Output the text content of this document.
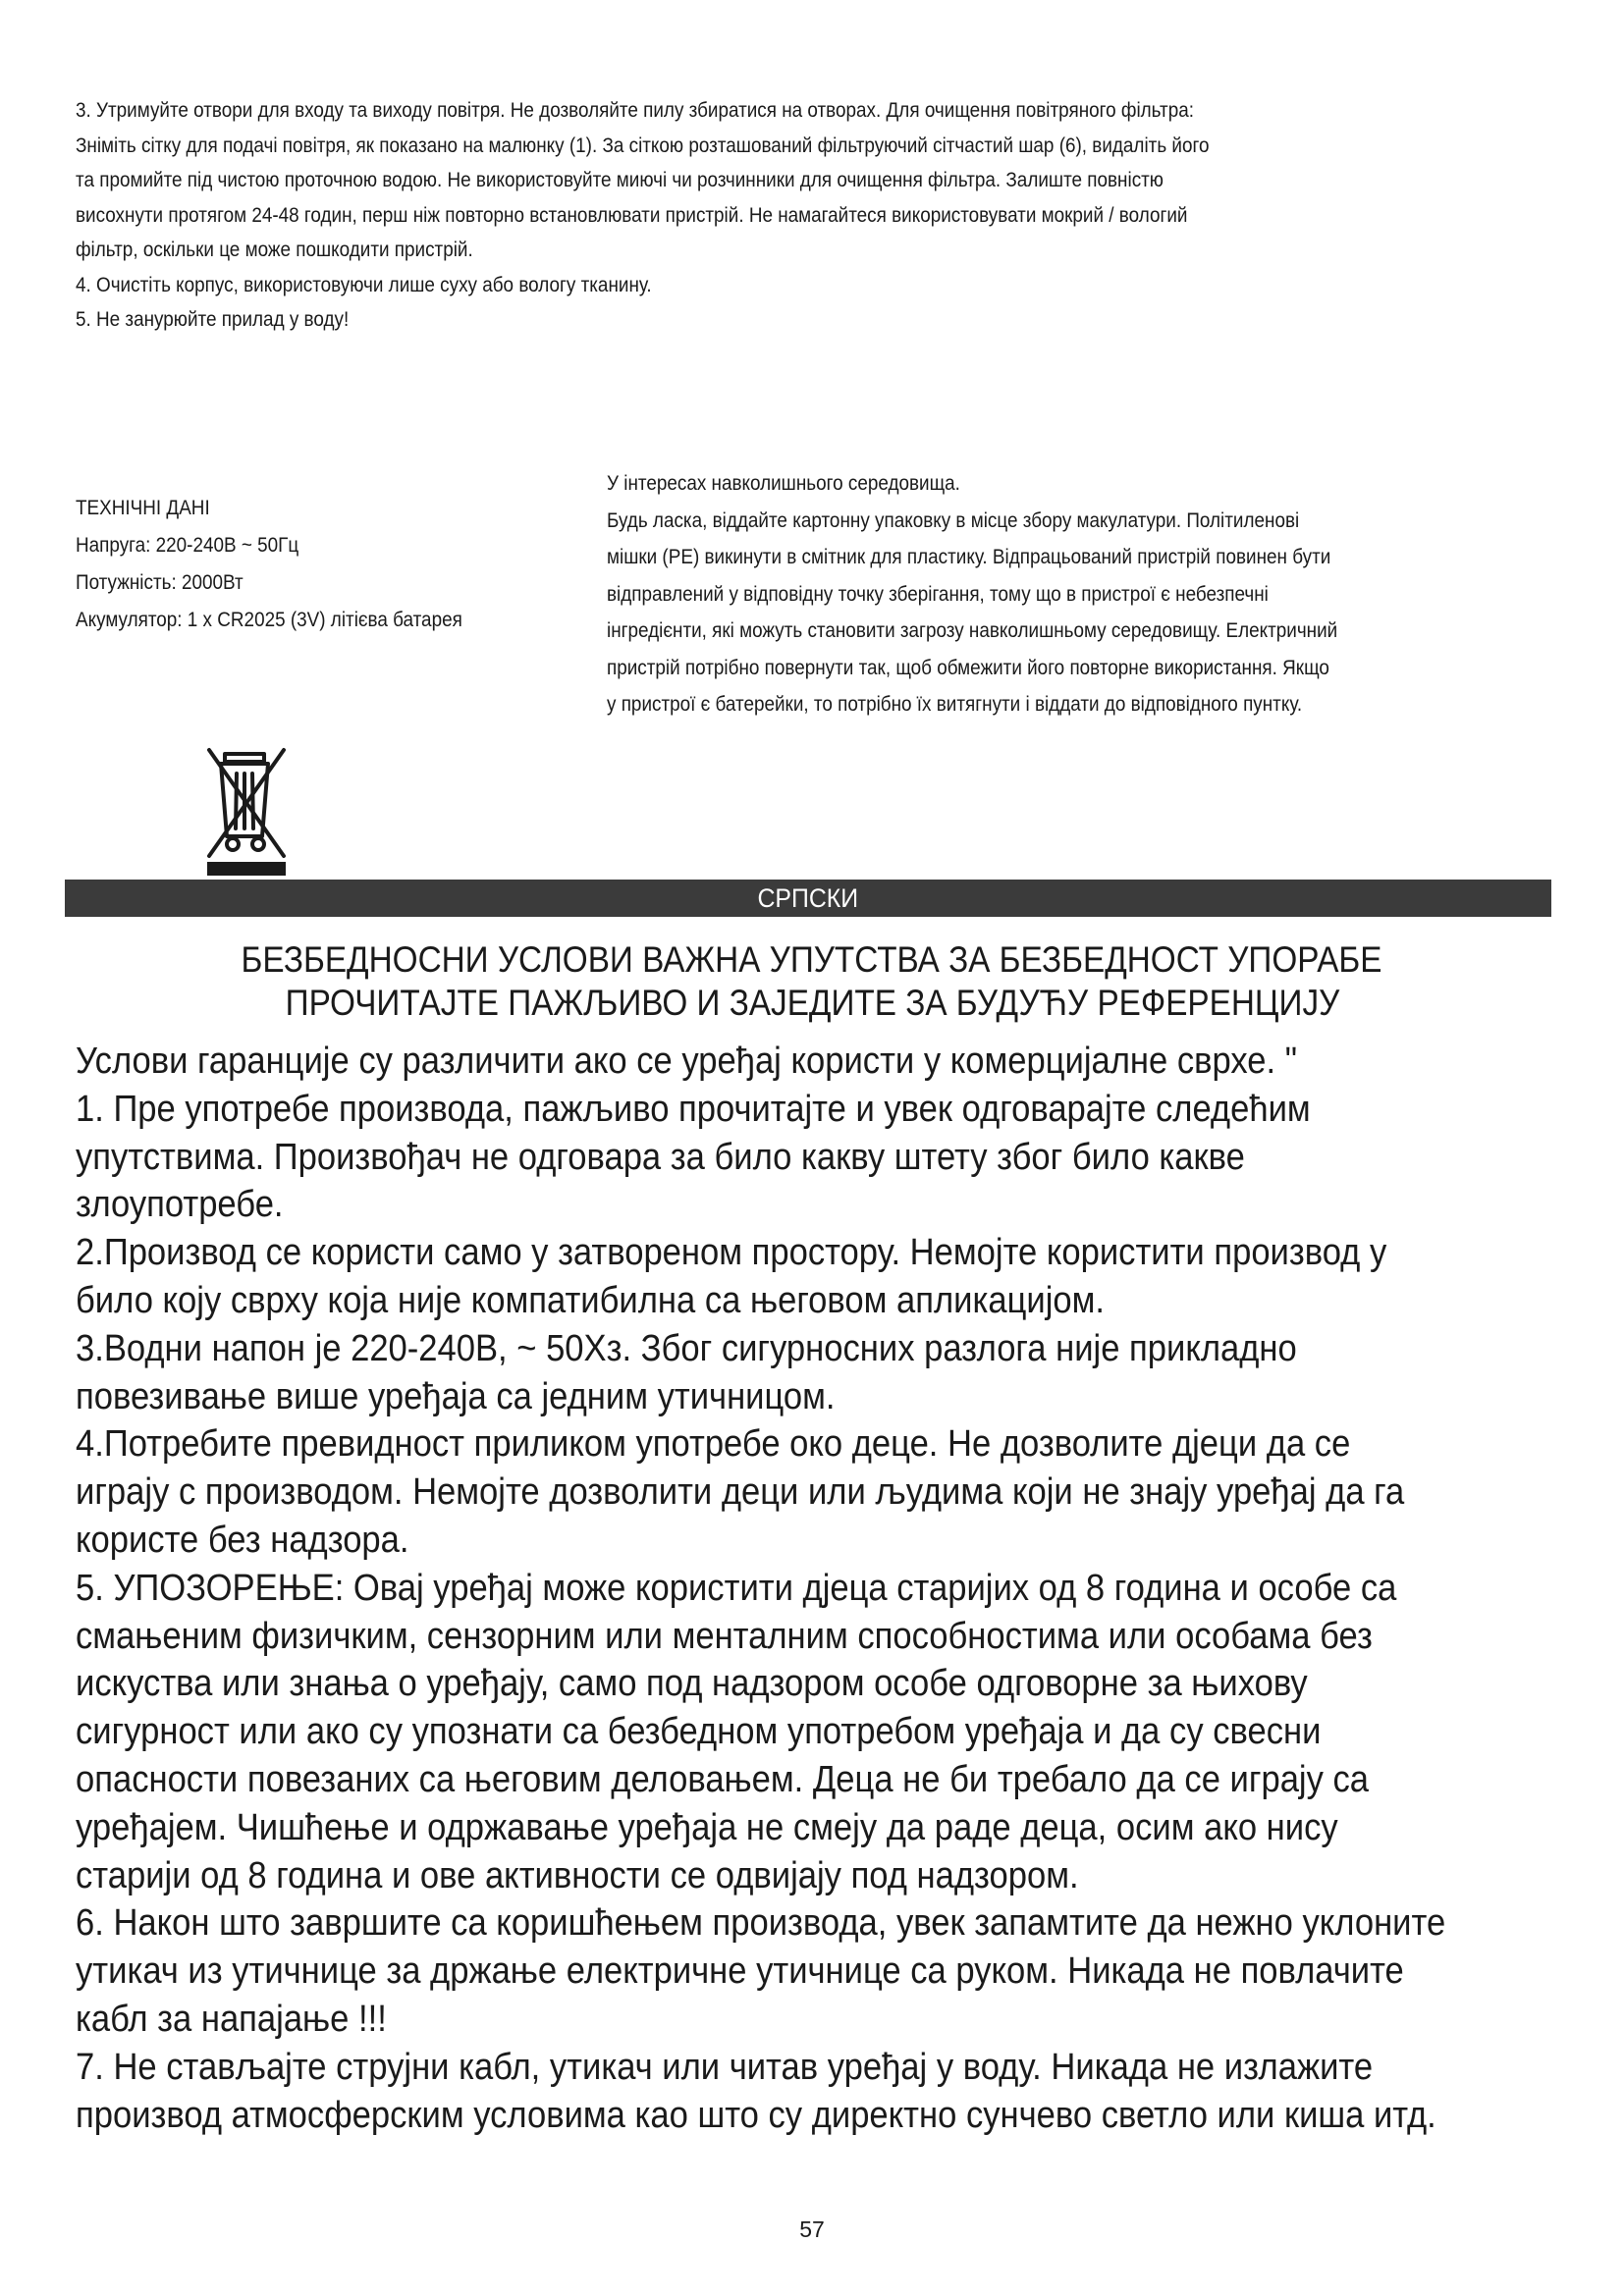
3. Утримуйте отвори для входу та виходу повітря. Не дозволяйте пилу збиратися на отворах. Для очищення повітряного фільтра:

Зніміть сітку для подачі повітря, як показано на малюнку (1). За сіткою розташований фільтруючий сітчастий шар (6), видаліть його

та промийте під чистою проточною водою. Не використовуйте миючі чи розчинники для очищення фільтра. Залиште повністю

висохнути протягом 24-48 годин, перш ніж повторно встановлювати пристрій. Не намагайтеся використовувати мокрий / вологий

фільтр, оскільки це може пошкодити пристрій.

4. Очистіть корпус, використовуючи лише суху або вологу тканину.

5. Не занурюйте прилад у воду!

ТЕХНІЧНІ ДАНІ

Напруга: 220-240В ~ 50Гц

Потужність: 2000Вт

Акумулятор: 1 x CR2025 (3V) літієва батарея

У інтересах навколишнього середовища.

Будь ласка, віддайте картонну упаковку в місце збору макулатури. Політиленові

мішки (PE) викинути в смітник для пластику. Відпрацьований пристрій повинен бути

відправлений у відповідну точку зберігання, тому що в пристрої є небезпечні

інгредієнти, які можуть становити загрозу навколишньому середовищу. Електричний

пристрій потрібно повернути так, щоб обмежити його повторне використання. Якщо

у пристрої є батерейки, то потрібно їх витягнути і віддати до відповідного пунтку.

СРПСКИ

БЕЗБЕДНОСНИ УСЛОВИ ВАЖНА УПУТСТВА ЗА БЕЗБЕДНОСТ УПОРАБЕ

ПРОЧИТАЈТЕ ПАЖЉИВО И ЗАЈЕДИТЕ ЗА БУДУЋУ РЕФЕРЕНЦИЈУ

Услови гаранције су различити ако се уређај користи у комерцијалне сврхе. "

1. Пре употребе производа, пажљиво прочитајте и увек одговарајте следећим

упутствима. Произвођач не одговара за било какву штету због било какве

злоупотребе.

2.Производ се користи само у затвореном простору. Немојте користити производ у

било коју сврху која није компатибилна са његовом апликацијом.

3.Водни напон је 220-240В, ~ 50Хз. Због сигурносних разлога није прикладно

повезивање више уређаја са једним утичницом.

4.Потребите превидност приликом употребе око деце. Не дозволите дјеци да се

играју с производом. Немојте дозволити деци или људима који не знају уређај да га

користе без надзора.

5. УПОЗОРЕЊЕ: Овај уређај може користити дјеца старијих од 8 година и особе са

смањеним физичким, сензорним или менталним способностима или особама без

искуства или знања о уређају, само под надзором особе одговорне за њихову

сигурност или ако су упознати са безбедном употребом уређаја и да су свесни

опасности повезаних са његовим деловањем. Деца не би требало да се играју са

уређајем. Чишћење и одржавање уређаја не смеју да раде деца, осим ако нису

старији од 8 година и ове активности се одвијају под надзором.

6. Након што завршите са коришћењем производа, увек запамтите да нежно уклоните

утикач из утичнице за држање електричне утичнице са руком. Никада не повлачите

кабл за напајање !!!

7. Не стављајте струјни кабл, утикач или читав уређај у воду. Никада не излажите

производ атмосферским условима као што су директно сунчево светло или киша итд.

57
